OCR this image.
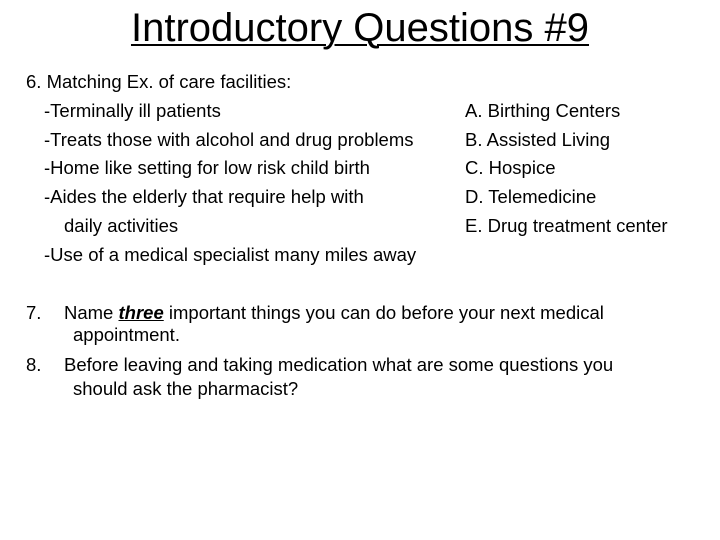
Introductory Questions #9
6. Matching Ex. of care facilities:
-Terminally ill patients
-Treats those with alcohol and drug problems
-Home like setting for low risk child birth
-Aides the elderly that require help with
daily activities
-Use of a medical specialist many miles away
A. Birthing Centers
B. Assisted Living
C. Hospice
D. Telemedicine
E. Drug treatment center
7. Name three important things you can do before your next medical
appointment.
8. Before leaving and taking medication what are some questions you
should ask the pharmacist?
